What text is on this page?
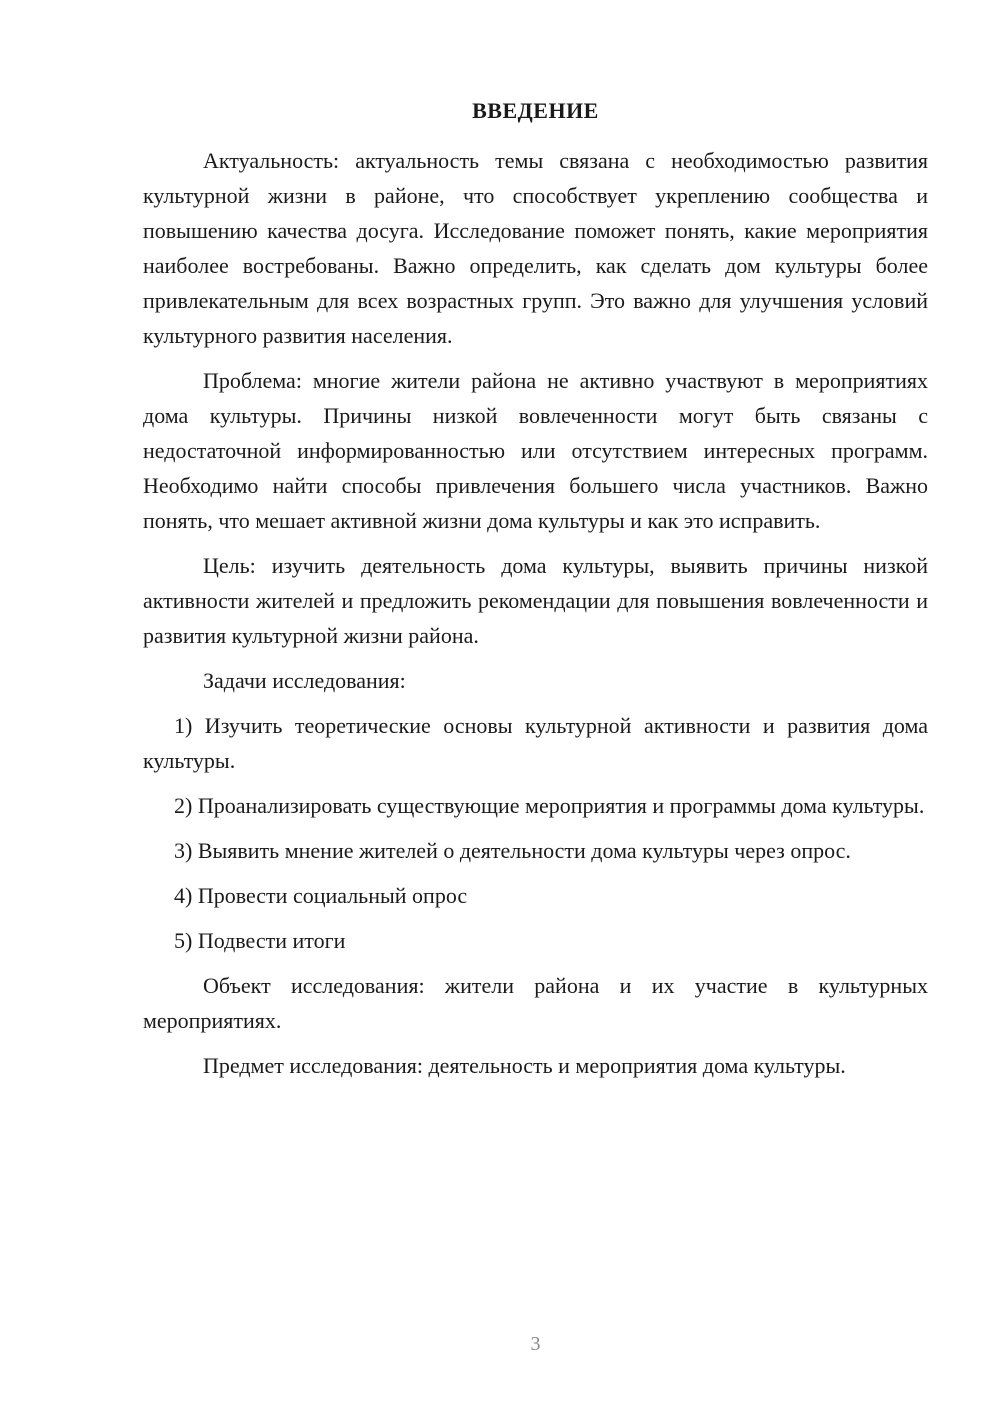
ВВЕДЕНИЕ

Актуальность: актуальность темы связана с необходимостью развития культурной жизни в районе, что способствует укреплению сообщества и повышению качества досуга. Исследование поможет понять, какие мероприятия наиболее востребованы. Важно определить, как сделать дом культуры более привлекательным для всех возрастных групп. Это важно для улучшения условий культурного развития населения.

Проблема: многие жители района не активно участвуют в мероприятиях дома культуры. Причины низкой вовлеченности могут быть связаны с недостаточной информированностью или отсутствием интересных программ. Необходимо найти способы привлечения большего числа участников. Важно понять, что мешает активной жизни дома культуры и как это исправить.

Цель: изучить деятельность дома культуры, выявить причины низкой активности жителей и предложить рекомендации для повышения вовлеченности и развития культурной жизни района.

Задачи исследования:

1) Изучить теоретические основы культурной активности и развития дома культуры.

2) Проанализировать существующие мероприятия и программы дома культуры.

3) Выявить мнение жителей о деятельности дома культуры через опрос.

4) Провести социальный опрос

5) Подвести итоги

Объект исследования: жители района и их участие в культурных мероприятиях.

Предмет исследования: деятельность и мероприятия дома культуры.

3
